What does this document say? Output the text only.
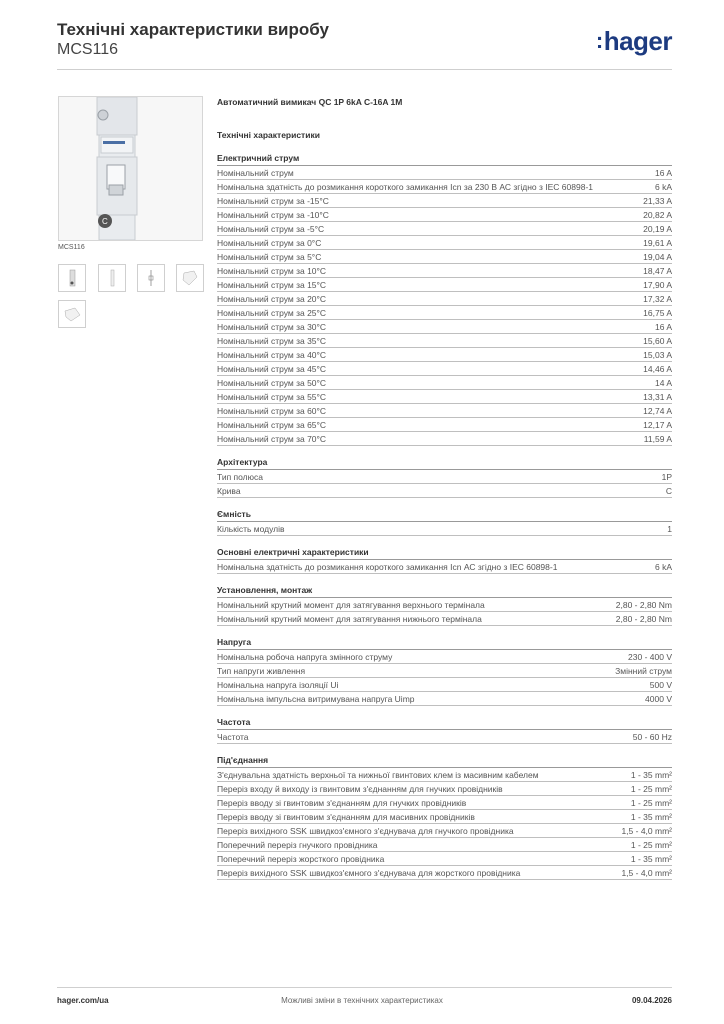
Технічні характеристики виробу
MCS116	:hager
C
MCS116
Автоматичний вимикач QC 1P 6kA C-16A 1M
Технічні характеристики
Електричний струм
Номінальний струм	16 A
Номінальна здатність до розмикання короткого замикання Icn за 230 В АС згідно з IEC 60898-1	6 kA
Номінальний струм за -15°C	21,33 A
Номінальний струм за -10°C	20,82 A
Номінальний струм за -5°C	20,19 A
Номінальний струм за 0°C	19,61 A
Номінальний струм за 5°C	19,04 A
Номінальний струм за 10°C	18,47 A
Номінальний струм за 15°C	17,90 A
Номінальний струм за 20°C	17,32 A
Номінальний струм за 25°C	16,75 A
Номінальний струм за 30°C	16 A
Номінальний струм за 35°C	15,60 A
Номінальний струм за 40°C	15,03 A
Номінальний струм за 45°C	14,46 A
Номінальний струм за 50°C	14 A
Номінальний струм за 55°C	13,31 A
Номінальний струм за 60°C	12,74 A
Номінальний струм за 65°C	12,17 A
Номінальний струм за 70°C	11,59 A
Архітектура
Тип полюса	1P
Крива	C
Ємність
Кількість модулів	1
Основні електричні характеристики
Номінальна здатність до розмикання короткого замикання Icn АС згідно з IEC 60898-1	6 kA
Установлення, монтаж
Номінальний крутний момент для затягування верхнього термінала	2,80 - 2,80 Nm
Номінальний крутний момент для затягування нижнього термінала	2,80 - 2,80 Nm
Напруга
Номінальна робоча напруга змінного струму	230 - 400 V
Тип напруги живлення	Змінний струм
Номінальна напруга ізоляції Ui	500 V
Номінальна імпульсна витримувана напруга Uimp	4000 V
Частота
Частота	50 - 60 Hz
Під'єднання
З'єднувальна здатність верхньої та нижньої гвинтових клем із масивним кабелем	1 - 35 mm²
Переріз входу й виходу із гвинтовим з'єднанням для гнучких провідників	1 - 25 mm²
Переріз вводу зі гвинтовим з'єднанням для гнучких провідників	1 - 25 mm²
Переріз вводу зі гвинтовим з'єднанням для масивних провідників	1 - 35 mm²
Переріз вихідного SSK швидкоз'ємного з'єднувача для гнучкого провідника	1,5 - 4,0 mm²
Поперечний переріз гнучкого провідника	1 - 25 mm²
Поперечний переріз жорсткого провідника	1 - 35 mm²
Переріз вихідного SSK швидкоз'ємного з'єднувача для жорсткого провідника	1,5 - 4,0 mm²
hager.com/ua	Можливі зміни в технічних характеристиках	09.04.2026
